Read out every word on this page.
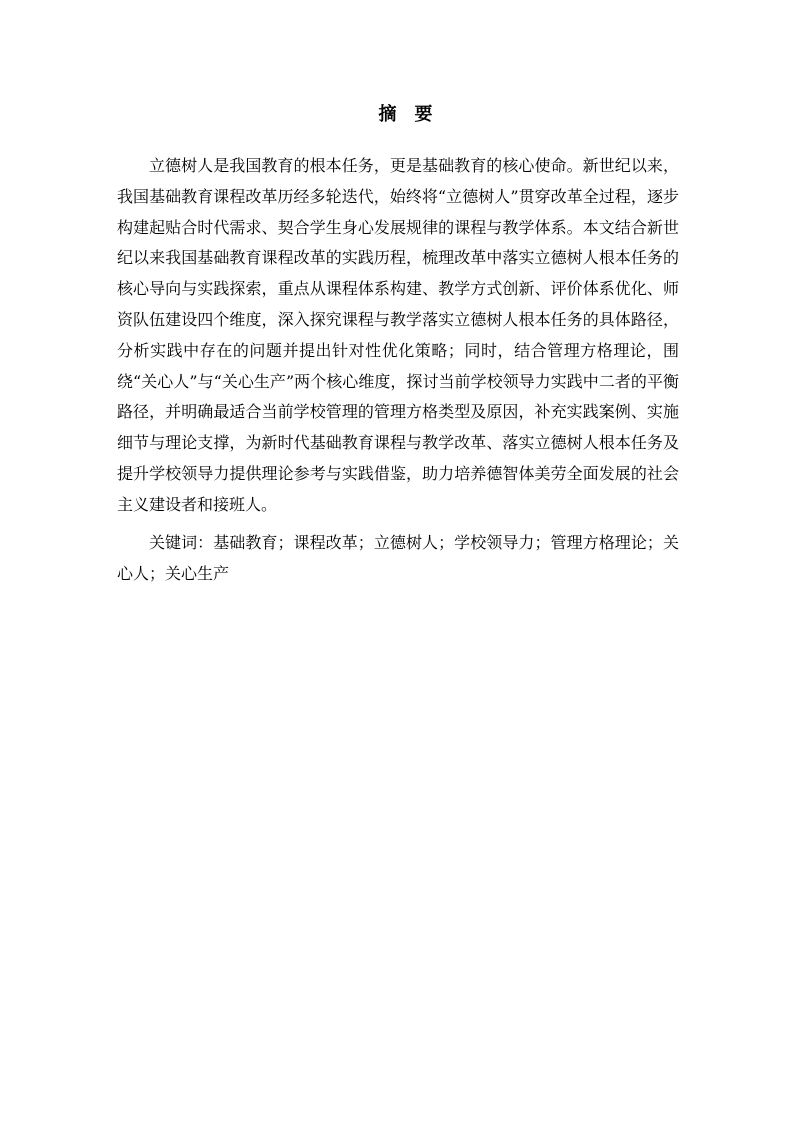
摘要

立德树人是我国教育的根本任务，更是基础教育的核心使命。新世纪以来，我国基础教育课程改革历经多轮迭代，始终将“立德树人”贯穿改革全过程，逐步构建起贴合时代需求、契合学生身心发展规律的课程与教学体系。本文结合新世纪以来我国基础教育课程改革的实践历程，梳理改革中落实立德树人根本任务的核心导向与实践探索，重点从课程体系构建、教学方式创新、评价体系优化、师资队伍建设四个维度，深入探究课程与教学落实立德树人根本任务的具体路径，分析实践中存在的问题并提出针对性优化策略；同时，结合管理方格理论，围绕“关心人”与“关心生产”两个核心维度，探讨当前学校领导力实践中二者的平衡路径，并明确最适合当前学校管理的管理方格类型及原因，补充实践案例、实施细节与理论支撑，为新时代基础教育课程与教学改革、落实立德树人根本任务及提升学校领导力提供理论参考与实践借鉴，助力培养德智体美劳全面发展的社会主义建设者和接班人。

关键词：基础教育；课程改革；立德树人；学校领导力；管理方格理论；关心人；关心生产
